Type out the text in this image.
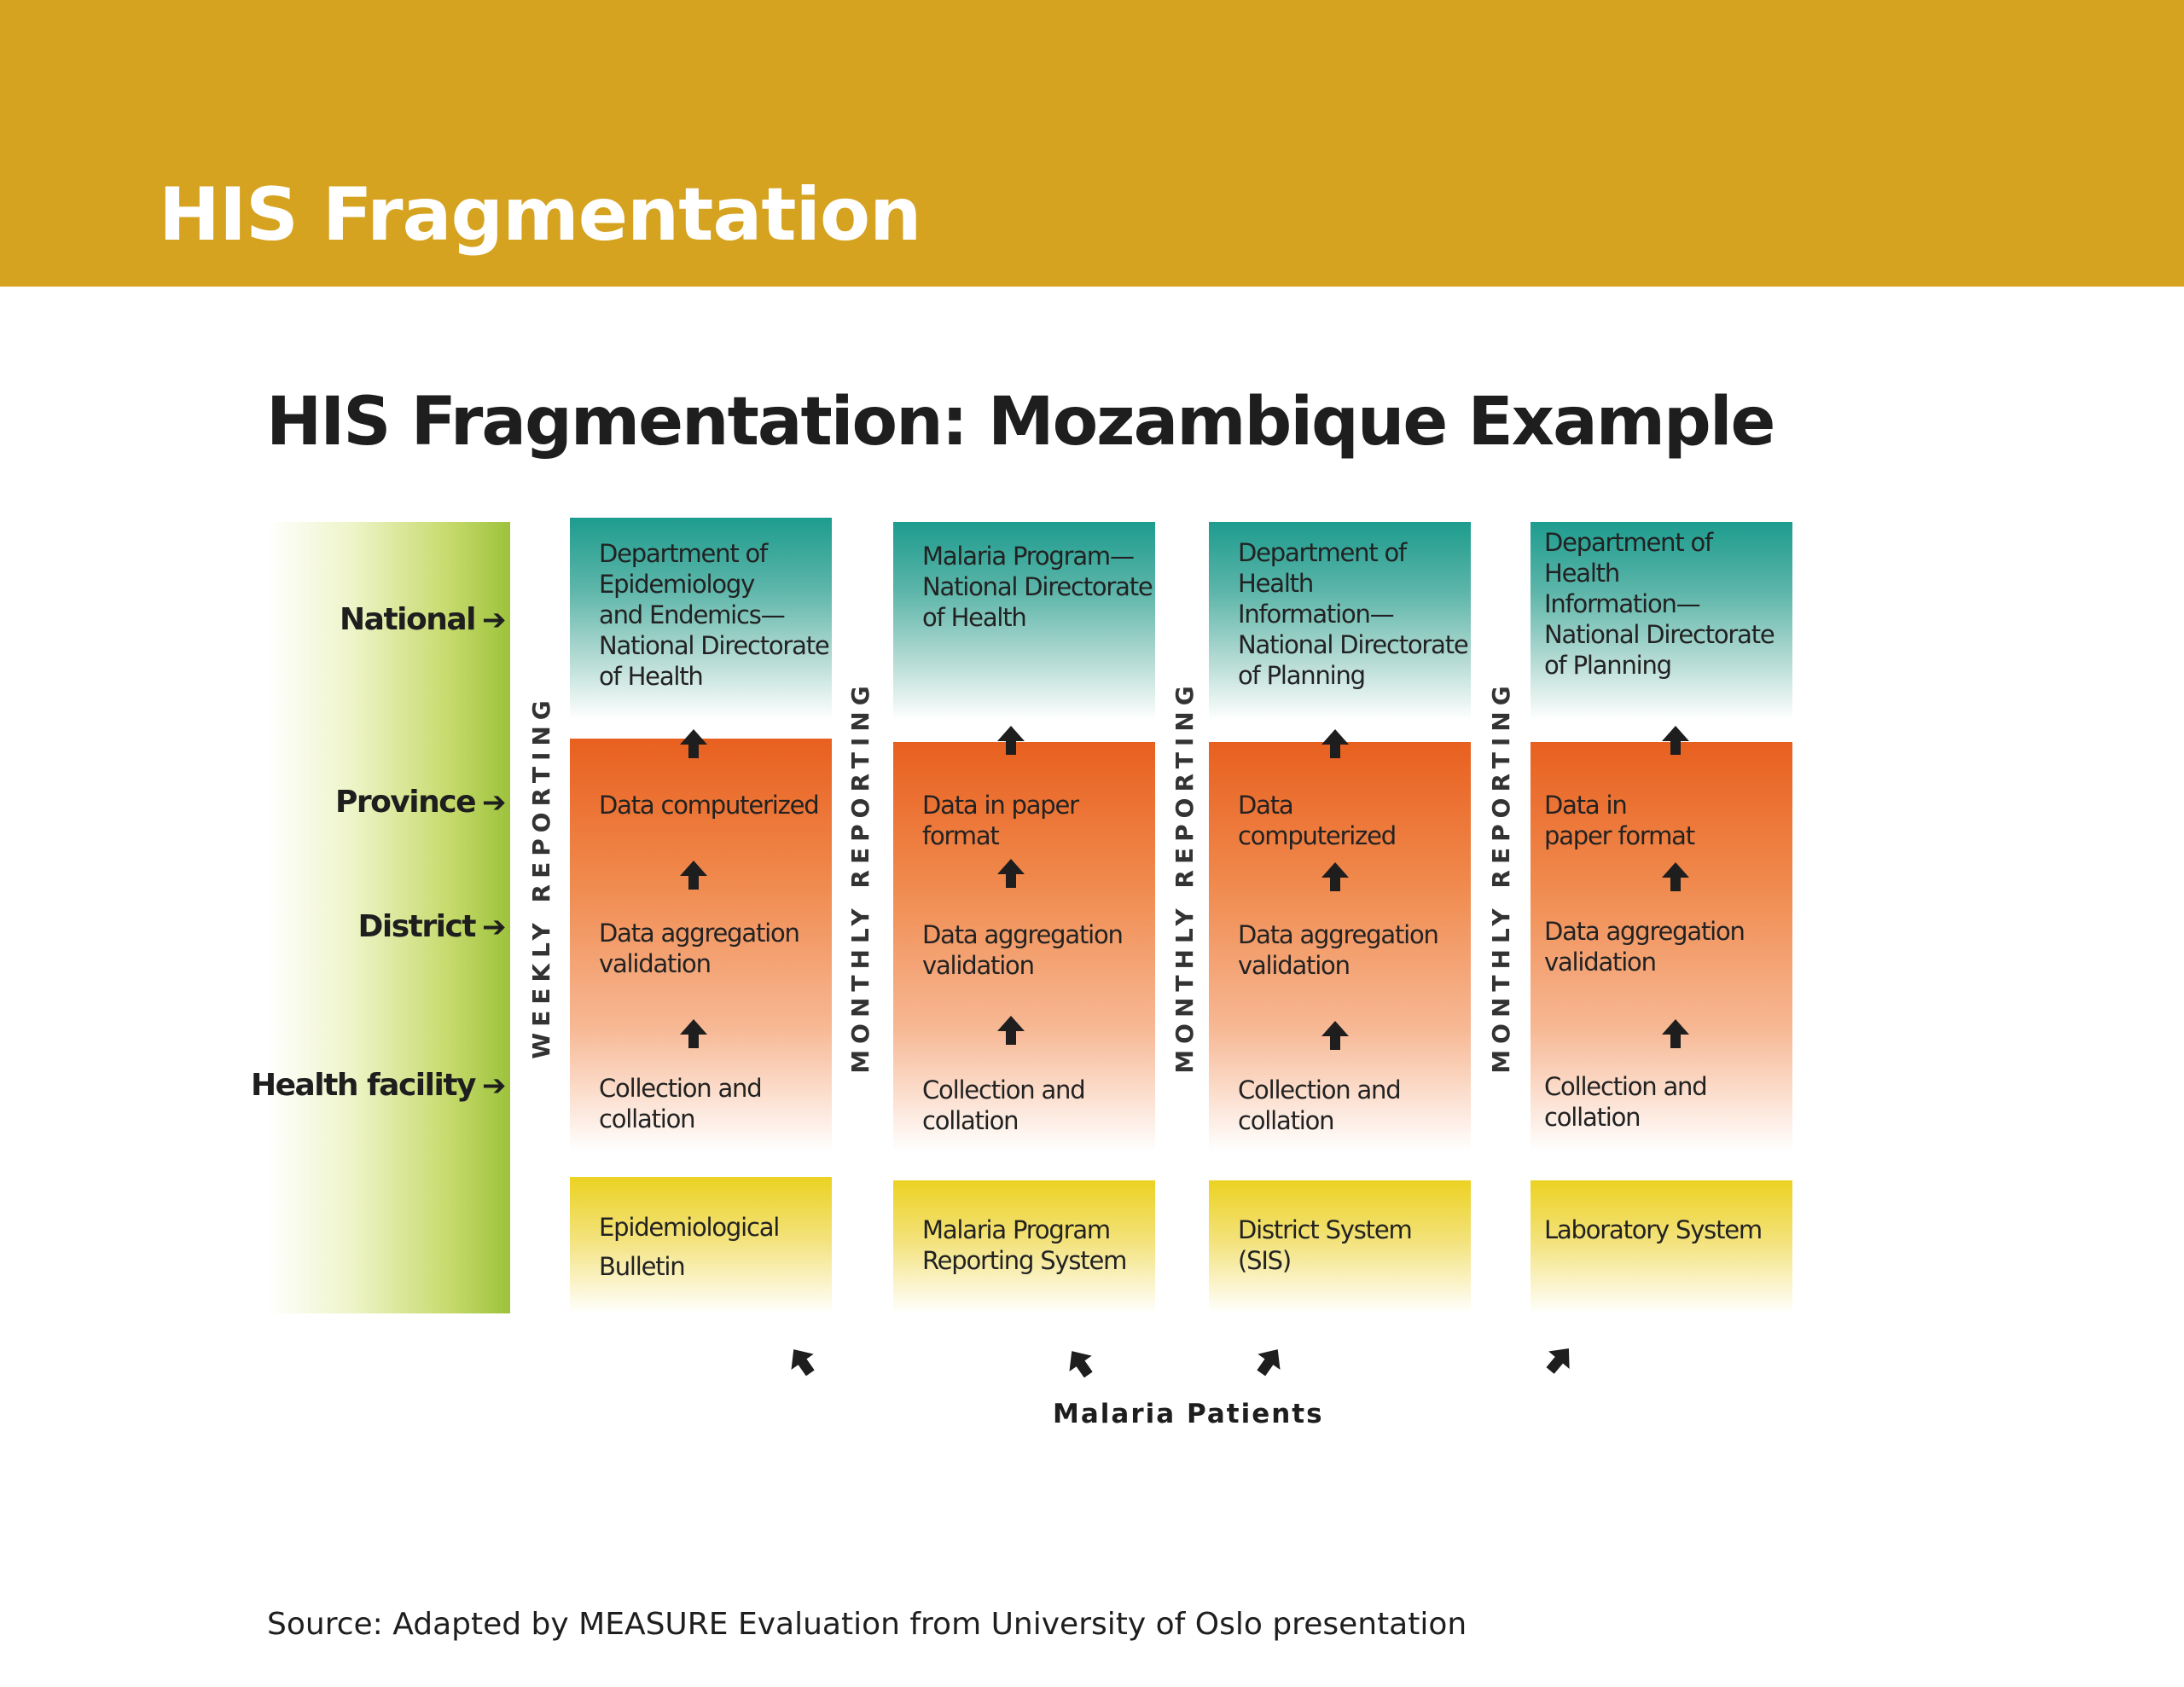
HIS Fragmentation
HIS Fragmentation: Mozambique Example
National ➔
Province ➔
District ➔
Health facility ➔
WEEKLY REPORTING	MONTHLY REPORTING	MONTHLY REPORTING	MONTHLY REPORTING
Department of
Epidemiology
and Endemics—
National Directorate
of Health
Data computerized
Data aggregation
validation
Collection and
collation
Epidemiological
Bulletin
Malaria Program—
National Directorate
of Health
Data in paper
format
Data aggregation
validation
Collection and
collation
Malaria Program
Reporting System
Department of Health
Information—
National Directorate
of Planning
Data
computerized
Data aggregation
validation
Collection and
collation
District System
(SIS)
Department of Health
Information—
National Directorate
of Planning
Data in
paper format
Data aggregation
validation
Collection and
collation
Laboratory System
Malaria Patients
Source: Adapted by MEASURE Evaluation from University of Oslo presentation
